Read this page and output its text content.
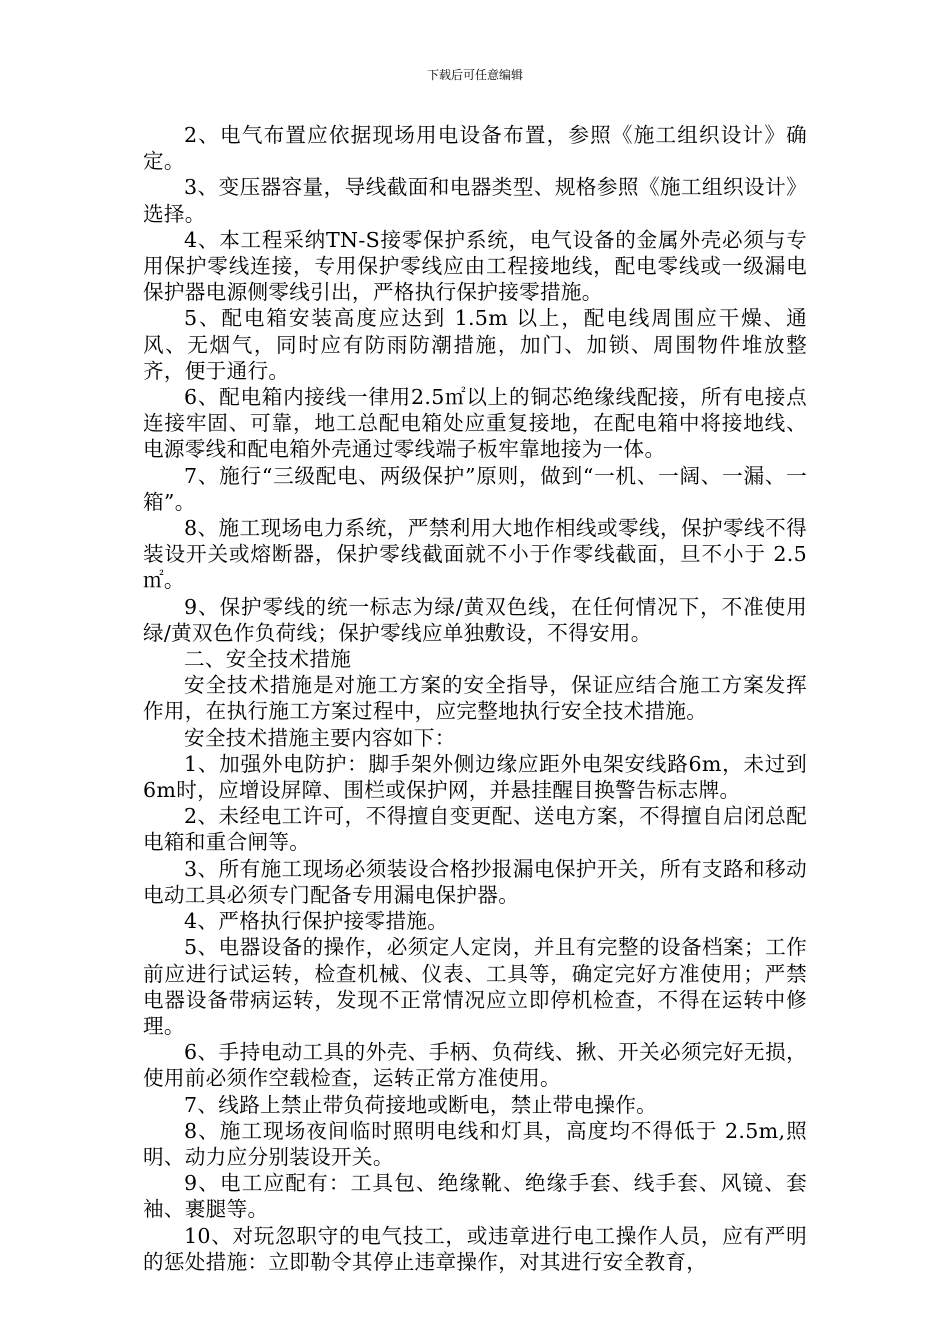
下载后可任意编辑

2、电气布置应依据现场用电设备布置，参照《施工组织设计》确定。

3、变压器容量，导线截面和电器类型、规格参照《施工组织设计》选择。

4、本工程采纳TN-S接零保护系统，电气设备的金属外壳必须与专用保护零线连接，专用保护零线应由工程接地线，配电零线或一级漏电保护器电源侧零线引出，严格执行保护接零措施。

5、配电箱安装高度应达到 1.5m 以上，配电线周围应干燥、通风、无烟气，同时应有防雨防潮措施，加门、加锁、周围物件堆放整齐，便于通行。

6、配电箱内接线一律用2.5㎡以上的铜芯绝缘线配接，所有电接点连接牢固、可靠，地工总配电箱处应重复接地，在配电箱中将接地线、电源零线和配电箱外壳通过零线端子板牢靠地接为一体。

7、施行“三级配电、两级保护”原则，做到“一机、一阔、一漏、一箱”。

8、施工现场电力系统，严禁利用大地作相线或零线，保护零线不得装设开关或熔断器，保护零线截面就不小于作零线截面，旦不小于 2.5㎡。

9、保护零线的统一标志为绿/黄双色线，在任何情况下，不准使用绿/黄双色作负荷线；保护零线应单独敷设，不得安用。

二、安全技术措施

安全技术措施是对施工方案的安全指导，保证应结合施工方案发挥作用，在执行施工方案过程中，应完整地执行安全技术措施。

安全技术措施主要内容如下：

1、加强外电防护：脚手架外侧边缘应距外电架安线路6m，未过到 6m时，应增设屏障、围栏或保护网，并悬挂醒目换警告标志牌。

2、未经电工许可，不得擅自变更配、送电方案，不得擅自启闭总配电箱和重合闸等。

3、所有施工现场必须装设合格抄报漏电保护开关，所有支路和移动电动工具必须专门配备专用漏电保护器。

4、严格执行保护接零措施。

5、电器设备的操作，必须定人定岗，并且有完整的设备档案；工作前应进行试运转，检查机械、仪表、工具等，确定完好方准使用；严禁电器设备带病运转，发现不正常情况应立即停机检查，不得在运转中修理。

6、手持电动工具的外壳、手柄、负荷线、揪、开关必须完好无损，使用前必须作空载检查，运转正常方准使用。

7、线路上禁止带负荷接地或断电，禁止带电操作。

8、施工现场夜间临时照明电线和灯具，高度均不得低于 2.5m,照明、动力应分别装设开关。

9、电工应配有：工具包、绝缘靴、绝缘手套、线手套、风镜、套袖、裹腿等。

10、对玩忽职守的电气技工，或违章进行电工操作人员，应有严明的惩处措施：立即勒令其停止违章操作，对其进行安全教育，
